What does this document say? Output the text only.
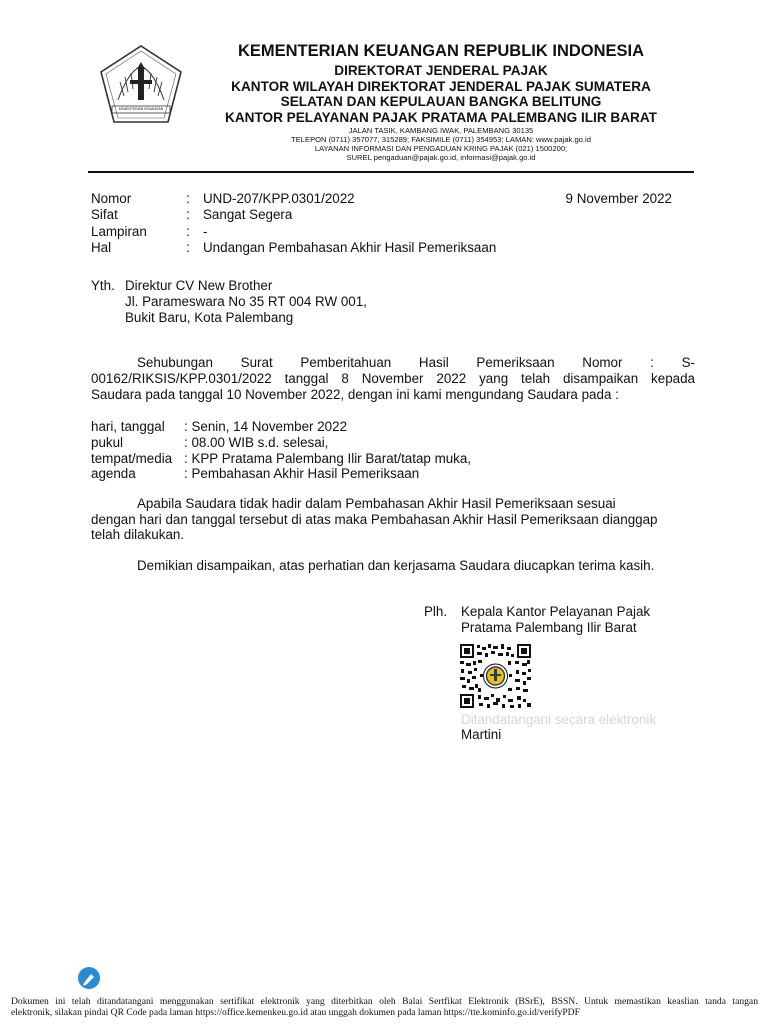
KEMENTERIAN KEUANGAN
KEMENTERIAN KEUANGAN REPUBLIK INDONESIA
DIREKTORAT JENDERAL PAJAK
KANTOR WILAYAH DIREKTORAT JENDERAL PAJAK SUMATERA
SELATAN DAN KEPULAUAN BANGKA BELITUNG
KANTOR PELAYANAN PAJAK PRATAMA PALEMBANG ILIR BARAT
JALAN TASIK, KAMBANG IWAK, PALEMBANG 30135
TELEPON (0711) 357077, 315289; FAKSIMILE (0711) 354953; LAMAN: www.pajak.go.id
LAYANAN INFORMASI DAN PENGADUAN KRING PAJAK (021) 1500200;
SUREL pengaduan@pajak.go.id, informasi@pajak.go.id
Nomor	: UND-207/KPP.0301/2022	9 November 2022
Sifat	: Sangat Segera
Lampiran	: -
Hal	: Undangan Pembahasan Akhir Hasil Pemeriksaan
Yth. Direktur CV New Brother
Jl. Parameswara No 35 RT 004 RW 001,
Bukit Baru, Kota Palembang
Sehubungan Surat Pemberitahuan Hasil Pemeriksaan Nomor : S-
00162/RIKSIS/KPP.0301/2022 tanggal 8 November 2022 yang telah disampaikan kepada
Saudara pada tanggal 10 November 2022, dengan ini kami mengundang Saudara pada :
hari, tanggal : Senin, 14 November 2022
pukul	: 08.00 WIB s.d. selesai,
tempat/media : KPP Pratama Palembang Ilir Barat/tatap muka,
agenda	: Pembahasan Akhir Hasil Pemeriksaan
Apabila Saudara tidak hadir dalam Pembahasan Akhir Hasil Pemeriksaan sesuai
dengan hari dan tanggal tersebut di atas maka Pembahasan Akhir Hasil Pemeriksaan dianggap
telah dilakukan.
Demikian disampaikan, atas perhatian dan kerjasama Saudara diucapkan terima kasih.
Plh. Kepala Kantor Pelayanan Pajak
Pratama Palembang Ilir Barat
Ditandatangani secara elektronik
Martini
Dokumen ini telah ditandatangani menggunakan sertifikat elektronik yang diterbitkan oleh Balai Sertfikat Elektronik (BSrE), BSSN. Untuk memastikan keaslian tanda tangan
elektronik, silakan pindai QR Code pada laman https://office.kemenkeu.go.id atau unggah dokumen pada laman https://tte.kominfo.go.id/verifyPDF
